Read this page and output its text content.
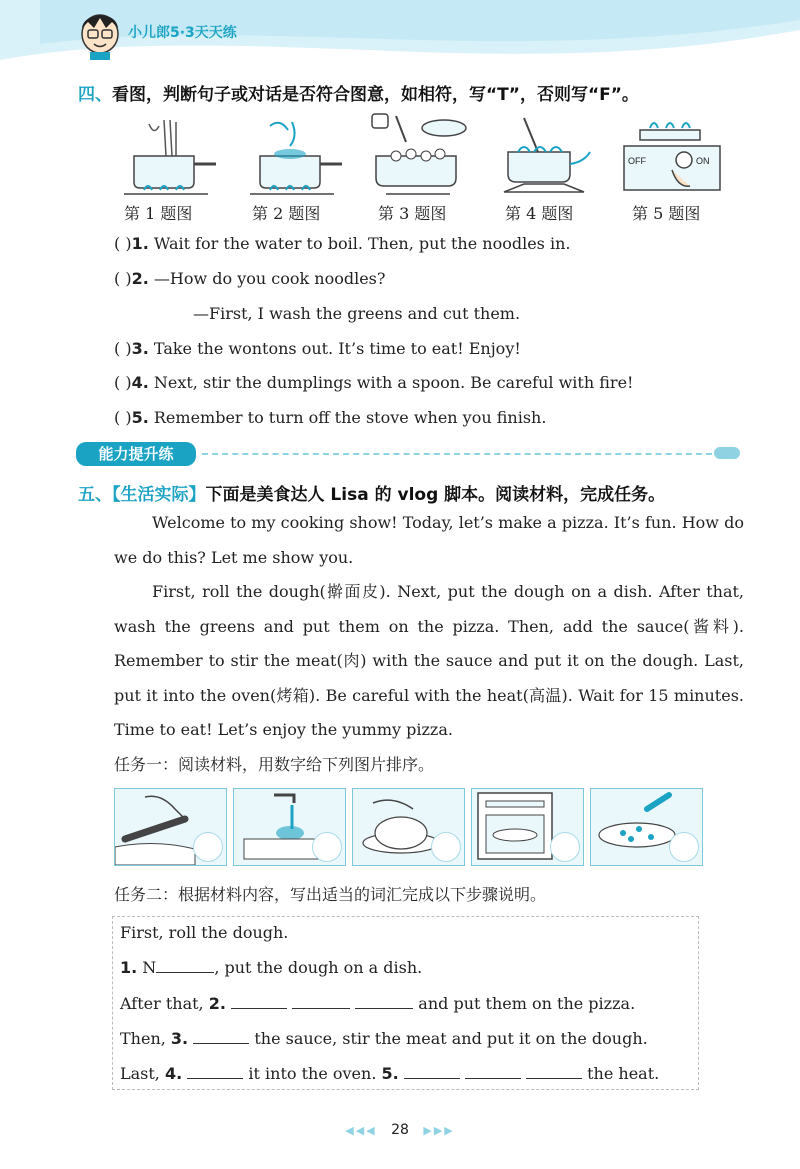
小儿郎5·3天天练
四、看图，判断句子或对话是否符合图意，如相符，写“T”，否则写“F”。
OFF	ON
第 1 题图	第 2 题图	第 3 题图	第 4 题图	第 5 题图
( )1. Wait for the water to boil. Then, put the noodles in.
( )2. —How do you cook noodles?
—First, I wash the greens and cut them.
( )3. Take the wontons out. It’s time to eat! Enjoy!
( )4. Next, stir the dumplings with a spoon. Be careful with fire!
( )5. Remember to turn off the stove when you finish.
能力提升练
五、【生活实际】下面是美食达人 Lisa 的 vlog 脚本。阅读材料，完成任务。
Welcome to my cooking show! Today, let’s make a pizza. It’s fun. How do we do this? Let me show you.
First, roll the dough(擀面皮). Next, put the dough on a dish. After that, wash the greens and put them on the pizza. Then, add the sauce(酱料). Remember to stir the meat(肉) with the sauce and put it on the dough. Last, put it into the oven(烤箱). Be careful with the heat(高温). Wait for 15 minutes. Time to eat! Let’s enjoy the yummy pizza.
任务一：阅读材料，用数字给下列图片排序。
任务二：根据材料内容，写出适当的词汇完成以下步骤说明。
First, roll the dough.
1. N	, put the dough on a dish.
After that, 2.	and put them on the pizza.
Then, 3.	the sauce, stir the meat and put it on the dough.
Last, 4.	it into the oven. 5.	the heat.
◀◀◀ 28 ▶▶▶
